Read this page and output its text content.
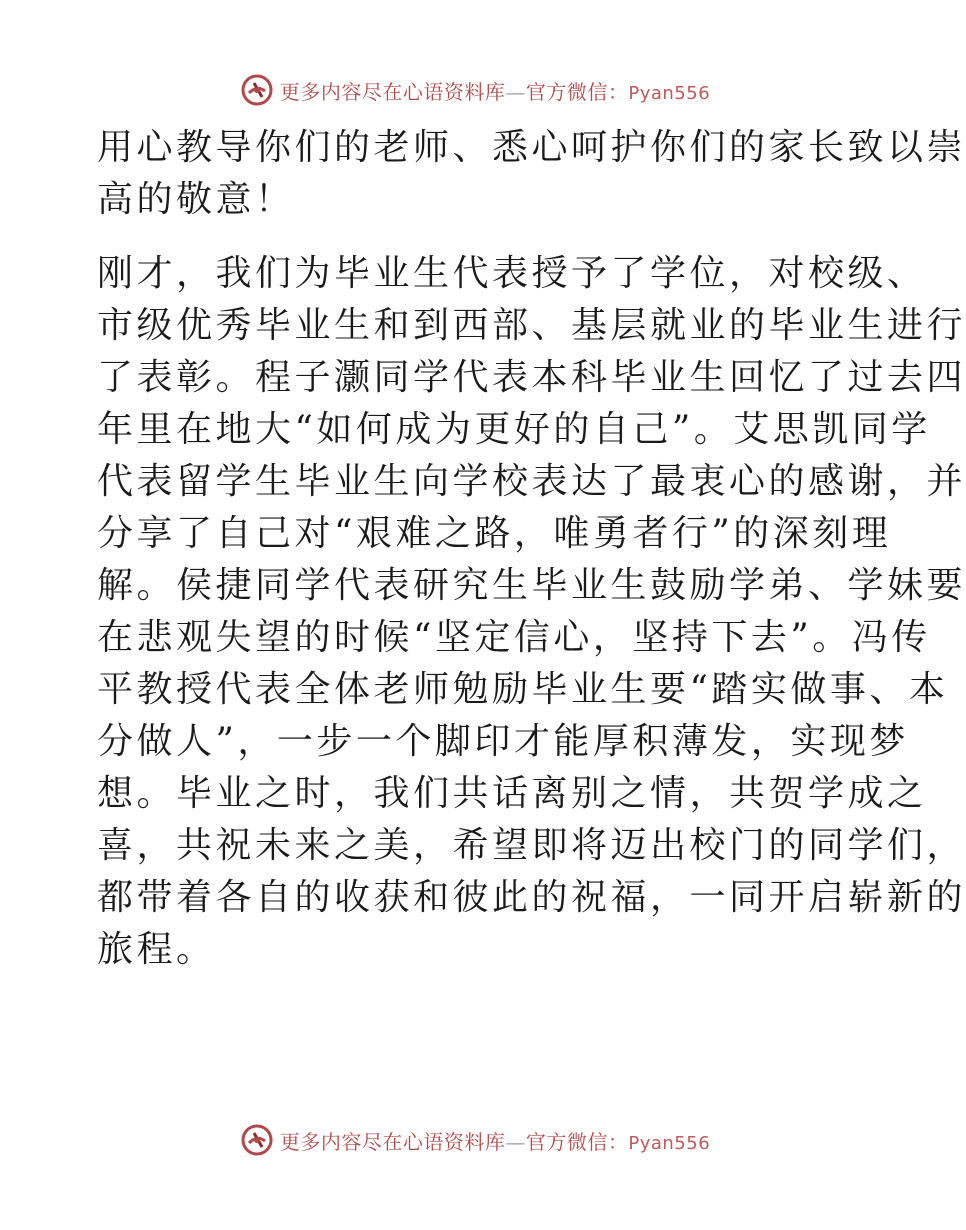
更多内容尽在心语资料库—官方微信：Pyan556
用心教导你们的老师、悉心呵护你们的家长致以崇
高的敬意！
刚才，我们为毕业生代表授予了学位，对校级、
市级优秀毕业生和到西部、基层就业的毕业生进行
了表彰。程子灏同学代表本科毕业生回忆了过去四
年里在地大“如何成为更好的自己”。艾思凯同学
代表留学生毕业生向学校表达了最衷心的感谢，并
分享了自己对“艰难之路，唯勇者行”的深刻理
解。侯捷同学代表研究生毕业生鼓励学弟、学妹要
在悲观失望的时候“坚定信心，坚持下去”。冯传
平教授代表全体老师勉励毕业生要“踏实做事、本
分做人”，一步一个脚印才能厚积薄发，实现梦
想。毕业之时，我们共话离别之情，共贺学成之
喜，共祝未来之美，希望即将迈出校门的同学们，
都带着各自的收获和彼此的祝福，一同开启崭新的
旅程。
更多内容尽在心语资料库—官方微信：Pyan556
